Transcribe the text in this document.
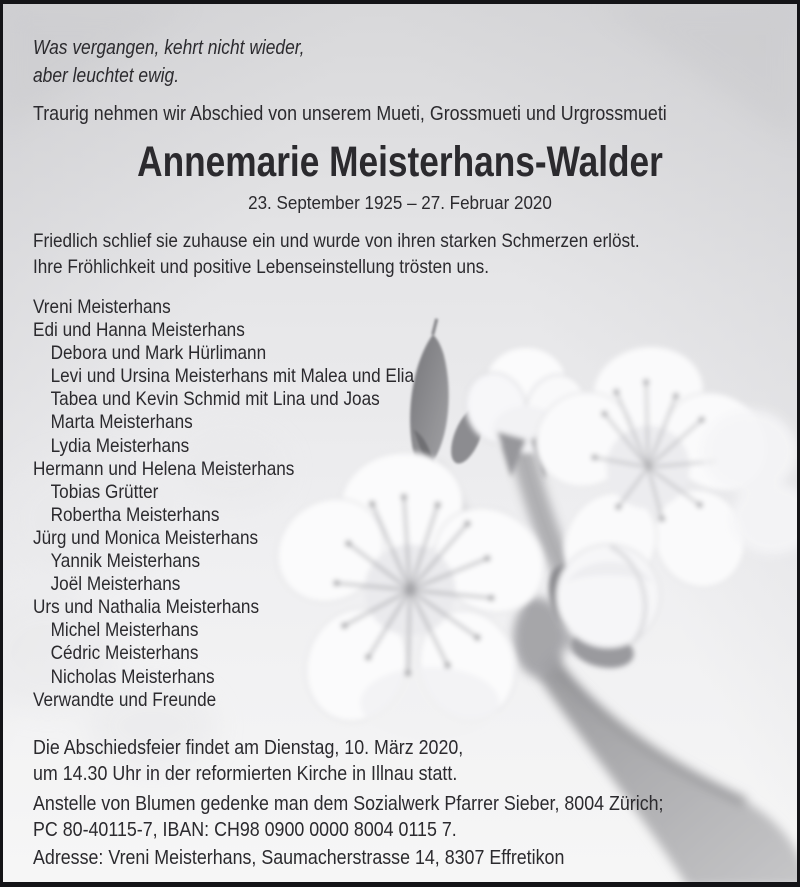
Was vergangen, kehrt nicht wieder,
aber leuchtet ewig.
Traurig nehmen wir Abschied von unserem Mueti, Grossmueti und Urgrossmueti
Annemarie Meisterhans-Walder
23. September 1925 – 27. Februar 2020
Friedlich schlief sie zuhause ein und wurde von ihren starken Schmerzen erlöst.
Ihre Fröhlichkeit und positive Lebenseinstellung trösten uns.
Vreni Meisterhans
Edi und Hanna Meisterhans
Debora und Mark Hürlimann
Levi und Ursina Meisterhans mit Malea und Elia
Tabea und Kevin Schmid mit Lina und Joas
Marta Meisterhans
Lydia Meisterhans
Hermann und Helena Meisterhans
Tobias Grütter
Robertha Meisterhans
Jürg und Monica Meisterhans
Yannik Meisterhans
Joël Meisterhans
Urs und Nathalia Meisterhans
Michel Meisterhans
Cédric Meisterhans
Nicholas Meisterhans
Verwandte und Freunde
Die Abschiedsfeier findet am Dienstag, 10. März 2020,
um 14.30 Uhr in der reformierten Kirche in Illnau statt.
Anstelle von Blumen gedenke man dem Sozialwerk Pfarrer Sieber, 8004 Zürich;
PC 80-40115-7, IBAN: CH98 0900 0000 8004 0115 7.
Adresse: Vreni Meisterhans, Saumacherstrasse 14, 8307 Effretikon
